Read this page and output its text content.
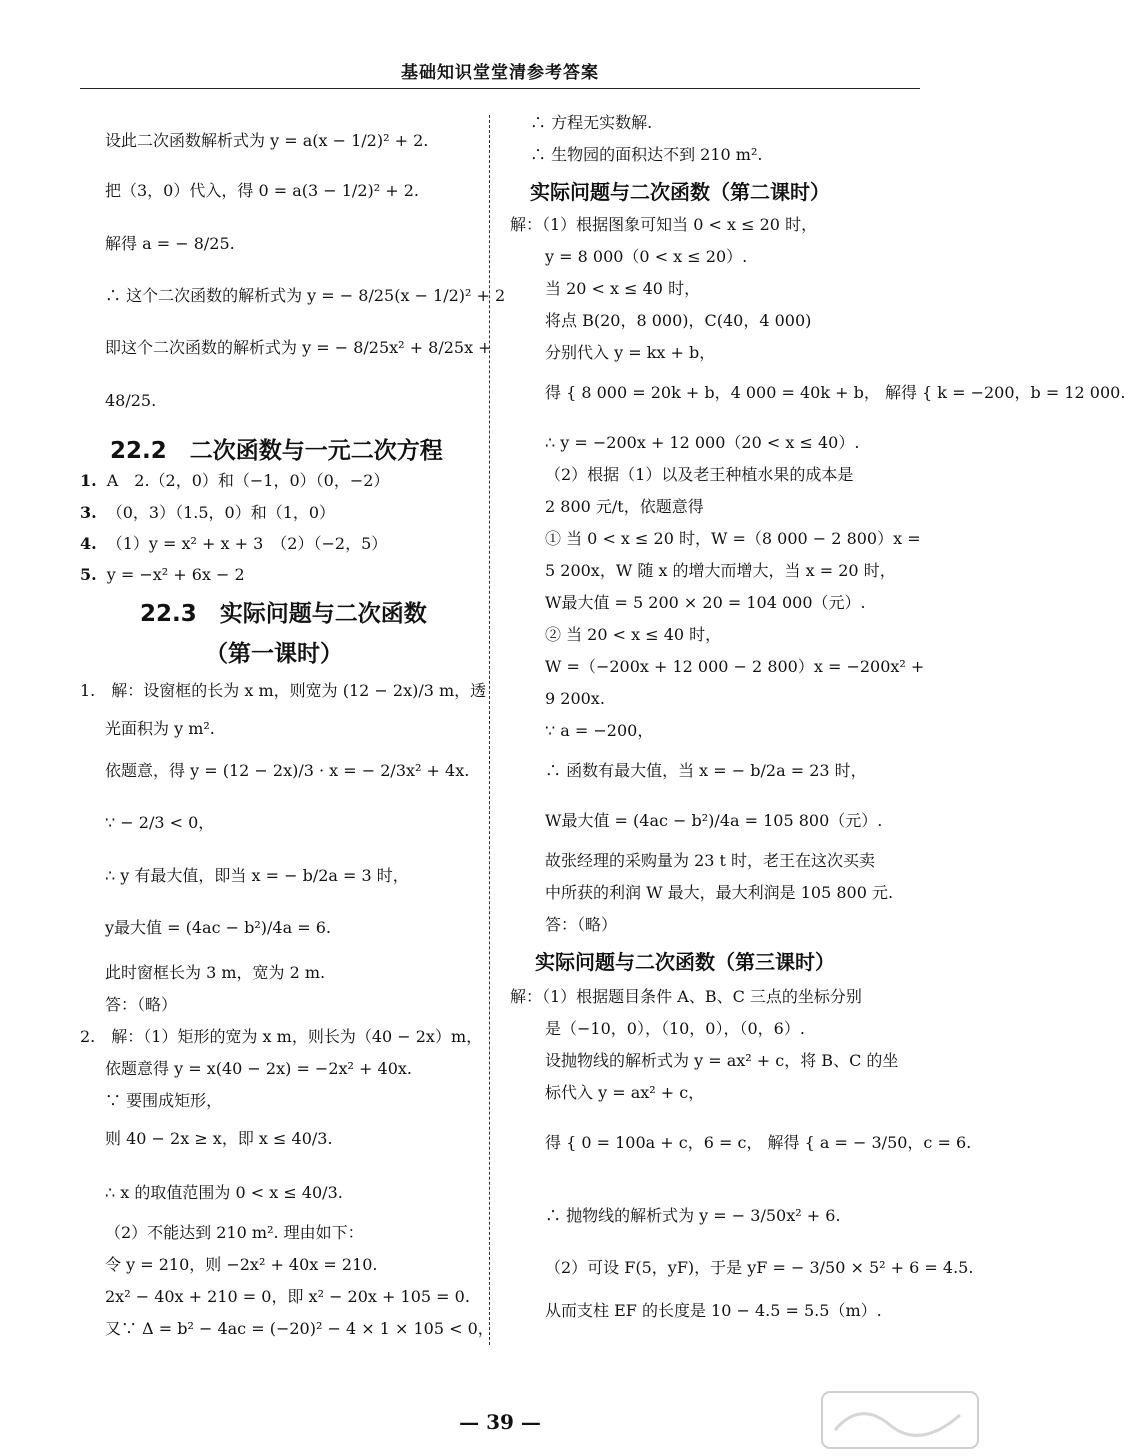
基础知识堂堂清参考答案
设此二次函数解析式为 y = a(x − 1/2)² + 2.
把（3，0）代入，得 0 = a(3 − 1/2)² + 2.
解得 a = − 8/25.
∴ 这个二次函数的解析式为 y = − 8/25(x − 1/2)² + 2
即这个二次函数的解析式为 y = − 8/25x² + 8/25x +
48/25.
22.2　二次函数与一元二次方程
1. A　2.（2，0）和（−1，0）（0，−2）
3. （0，3）（1.5，0）和（1，0）
4. （1）y = x² + x + 3　（2）（−2，5）
5. y = −x² + 6x − 2
22.3　实际问题与二次函数
（第一课时）
1.　解：设窗框的长为 x m，则宽为 (12 − 2x)/3 m，透
光面积为 y m².
依题意，得 y = (12 − 2x)/3 · x = − 2/3x² + 4x.
∵ − 2/3 < 0，
∴ y 有最大值，即当 x = − b/2a = 3 时，
y最大值 = (4ac − b²)/4a = 6.
此时窗框长为 3 m，宽为 2 m.
答：（略）
2.　解：（1）矩形的宽为 x m，则长为（40 − 2x）m，
依题意得 y = x(40 − 2x) = −2x² + 40x.
∵ 要围成矩形，
则 40 − 2x ≥ x，即 x ≤ 40/3.
∴ x 的取值范围为 0 < x ≤ 40/3.
（2）不能达到 210 m². 理由如下：
令 y = 210，则 −2x² + 40x = 210.
2x² − 40x + 210 = 0，即 x² − 20x + 105 = 0.
又∵ Δ = b² − 4ac = (−20)² − 4 × 1 × 105 < 0，
∴ 方程无实数解.
∴ 生物园的面积达不到 210 m².
实际问题与二次函数（第二课时）
解：（1）根据图象可知当 0 < x ≤ 20 时，
y = 8 000（0 < x ≤ 20）.
当 20 < x ≤ 40 时，
将点 B(20，8 000)，C(40，4 000)
分别代入 y = kx + b，
得 { 8 000 = 20k + b，4 000 = 40k + b， 解得 { k = −200，b = 12 000.
∴ y = −200x + 12 000（20 < x ≤ 40）.
（2）根据（1）以及老王种植水果的成本是
2 800 元/t，依题意得
① 当 0 < x ≤ 20 时，W =（8 000 − 2 800）x =
5 200x，W 随 x 的增大而增大，当 x = 20 时，
W最大值 = 5 200 × 20 = 104 000（元）.
② 当 20 < x ≤ 40 时，
W =（−200x + 12 000 − 2 800）x = −200x² +
9 200x.
∵ a = −200，
∴ 函数有最大值，当 x = − b/2a = 23 时，
W最大值 = (4ac − b²)/4a = 105 800（元）.
故张经理的采购量为 23 t 时，老王在这次买卖
中所获的利润 W 最大，最大利润是 105 800 元.
答：（略）
实际问题与二次函数（第三课时）
解：（1）根据题目条件 A、B、C 三点的坐标分别
是（−10，0），（10，0），（0，6）.
设抛物线的解析式为 y = ax² + c，将 B、C 的坐
标代入 y = ax² + c，
得 { 0 = 100a + c，6 = c， 解得 { a = − 3/50，c = 6.
∴ 抛物线的解析式为 y = − 3/50x² + 6.
（2）可设 F(5，yF)，于是 yF = − 3/50 × 5² + 6 = 4.5.
从而支柱 EF 的长度是 10 − 4.5 = 5.5（m）.
— 39 —
